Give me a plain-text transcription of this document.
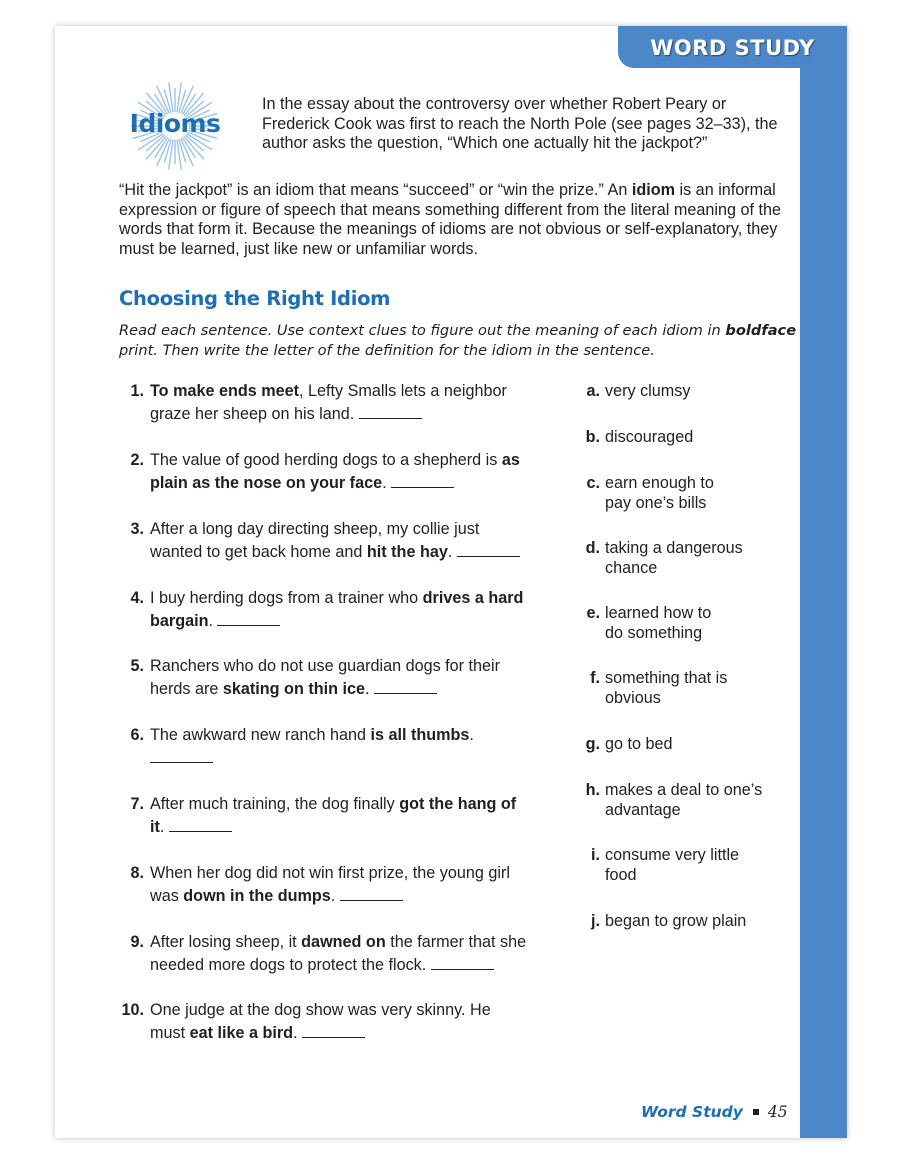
WORD STUDY
Idioms
In the essay about the controversy over whether Robert Peary or Frederick Cook was first to reach the North Pole (see pages 32–33), the author asks the question, “Which one actually hit the jackpot?”
“Hit the jackpot” is an idiom that means “succeed” or “win the prize.” An idiom is an informal expression or figure of speech that means something different from the literal meaning of the words that form it. Because the meanings of idioms are not obvious or self-explanatory, they must be learned, just like new or unfamiliar words.
Choosing the Right Idiom
Read each sentence. Use context clues to figure out the meaning of each idiom in boldface print. Then write the letter of the definition for the idiom in the sentence.
1. To make ends meet, Lefty Smalls lets a neighbor graze her sheep on his land.
2. The value of good herding dogs to a shepherd is as plain as the nose on your face.
3. After a long day directing sheep, my collie just wanted to get back home and hit the hay.
4. I buy herding dogs from a trainer who drives a hard bargain.
5. Ranchers who do not use guardian dogs for their herds are skating on thin ice.
6. The awkward new ranch hand is all thumbs.
7. After much training, the dog finally got the hang of it.
8. When her dog did not win first prize, the young girl was down in the dumps.
9. After losing sheep, it dawned on the farmer that she needed more dogs to protect the flock.
10. One judge at the dog show was very skinny. He must eat like a bird.
a. very clumsy
b. discouraged
c. earn enough to pay one’s bills
d. taking a dangerous chance
e. learned how to do something
f. something that is obvious
g. go to bed
h. makes a deal to one’s advantage
i. consume very little food
j. began to grow plain
Word Study 45
